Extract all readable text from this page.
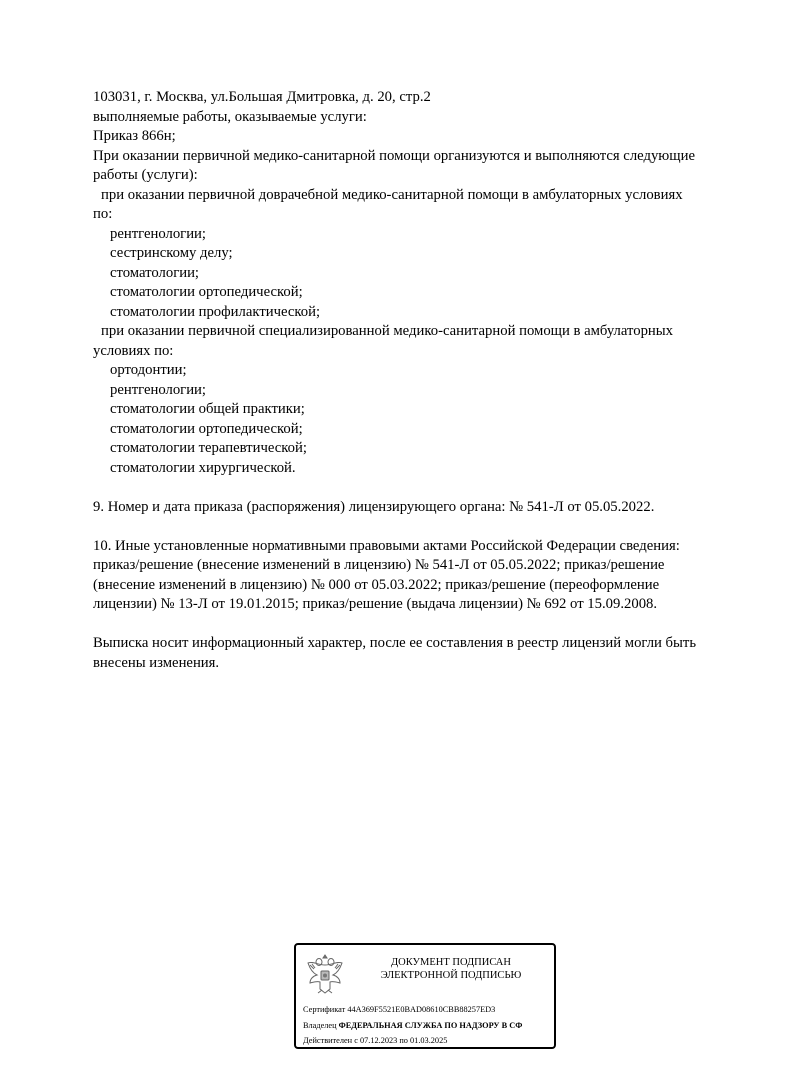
103031, г. Москва, ул.Большая Дмитровка, д. 20, стр.2
выполняемые работы, оказываемые услуги:
Приказ 866н;
При оказании первичной медико-санитарной помощи организуются и выполняются следующие
работы (услуги):
при оказании первичной доврачебной медико-санитарной помощи в амбулаторных условиях
по:
рентгенологии;
сестринскому делу;
стоматологии;
стоматологии ортопедической;
стоматологии профилактической;
при оказании первичной специализированной медико-санитарной помощи в амбулаторных
условиях по:
ортодонтии;
рентгенологии;
стоматологии общей практики;
стоматологии ортопедической;
стоматологии терапевтической;
стоматологии хирургической.
9. Номер и дата приказа (распоряжения) лицензирующего органа: № 541-Л от 05.05.2022.
10. Иные установленные нормативными правовыми актами Российской Федерации сведения:
приказ/решение (внесение изменений в лицензию) № 541-Л от 05.05.2022; приказ/решение
(внесение изменений в лицензию) № 000 от 05.03.2022; приказ/решение (переоформление
лицензии) № 13-Л от 19.01.2015; приказ/решение (выдача лицензии) № 692 от 15.09.2008.
Выписка носит информационный характер, после ее составления в реестр лицензий могли быть
внесены изменения.
ДОКУМЕНТ ПОДПИСАН
ЭЛЕКТРОННОЙ ПОДПИСЬЮ
Сертификат 44A369F5521E0BAD08610CBB88257ED3
Владелец ФЕДЕРАЛЬНАЯ СЛУЖБА ПО НАДЗОРУ В СФ
Действителен с 07.12.2023 по 01.03.2025
